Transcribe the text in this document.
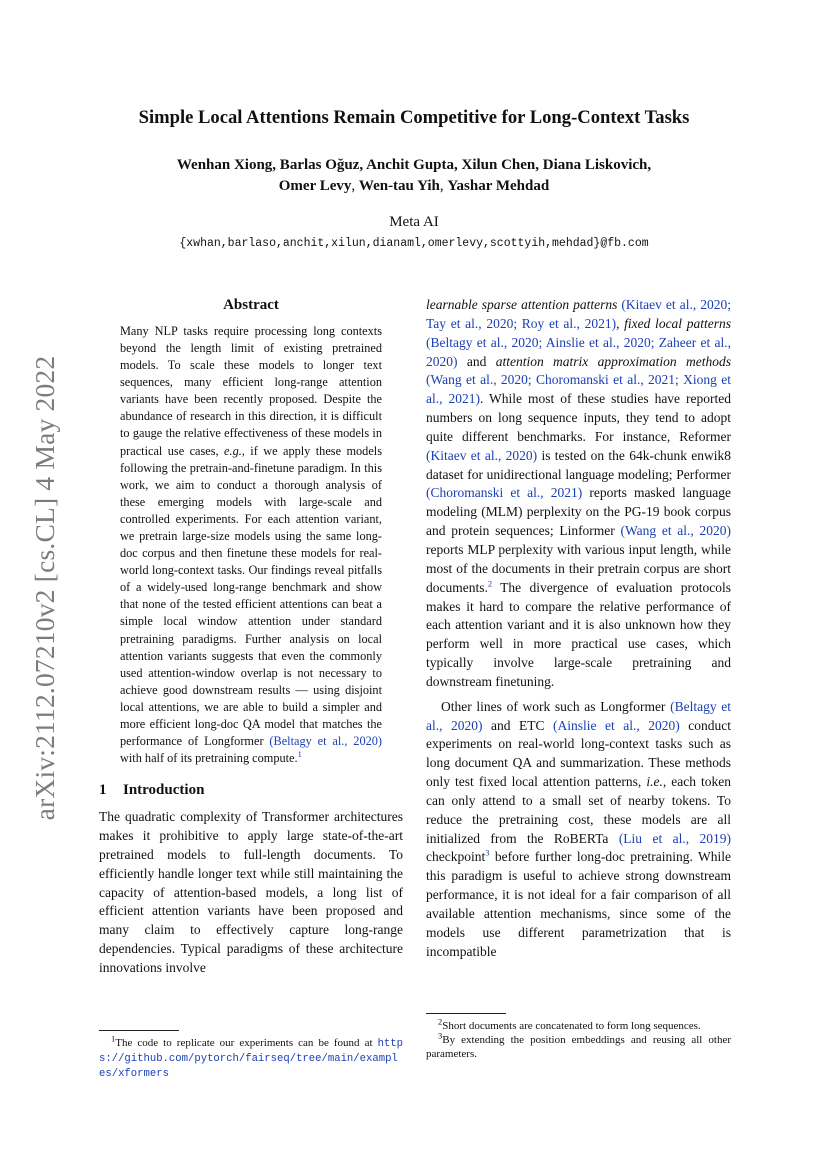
arXiv:2112.07210v2 [cs.CL] 4 May 2022
Simple Local Attentions Remain Competitive for Long-Context Tasks
Wenhan Xiong, Barlas Oğuz, Anchit Gupta, Xilun Chen, Diana Liskovich,
Omer Levy, Wen-tau Yih, Yashar Mehdad
Meta AI
{xwhan,barlaso,anchit,xilun,dianaml,omerlevy,scottyih,mehdad}@fb.com
Abstract
Many NLP tasks require processing long contexts beyond the length limit of existing pretrained models. To scale these models to longer text sequences, many efficient long-range attention variants have been recently proposed. Despite the abundance of research in this direction, it is difficult to gauge the relative effectiveness of these models in practical use cases, e.g., if we apply these models following the pretrain-and-finetune paradigm. In this work, we aim to conduct a thorough analysis of these emerging models with large-scale and controlled experiments. For each attention variant, we pretrain large-size models using the same long-doc corpus and then finetune these models for real-world long-context tasks. Our findings reveal pitfalls of a widely-used long-range benchmark and show that none of the tested efficient attentions can beat a simple local window attention under standard pretraining paradigms. Further analysis on local attention variants suggests that even the commonly used attention-window overlap is not necessary to achieve good downstream results — using disjoint local attentions, we are able to build a simpler and more efficient long-doc QA model that matches the performance of Longformer (Beltagy et al., 2020) with half of its pretraining compute.$^1$
1 Introduction

The quadratic complexity of Transformer architectures makes it prohibitive to apply large state-of-the-art pretrained models to full-length documents. To efficiently handle longer text while still maintaining the capacity of attention-based models, a long list of efficient attention variants have been proposed and many claim to effectively capture long-range dependencies. Typical paradigms of these architecture innovations involve

learnable sparse attention patterns (Kitaev et al., 2020; Tay et al., 2020; Roy et al., 2021), fixed local patterns (Beltagy et al., 2020; Ainslie et al., 2020; Zaheer et al., 2020) and attention matrix approximation methods (Wang et al., 2020; Choromanski et al., 2021; Xiong et al., 2021). While most of these studies have reported numbers on long sequence inputs, they tend to adopt quite different benchmarks. For instance, Reformer (Kitaev et al., 2020) is tested on the 64k-chunk enwik8 dataset for unidirectional language modeling; Performer (Choromanski et al., 2021) reports masked language modeling (MLM) perplexity on the PG-19 book corpus and protein sequences; Linformer (Wang et al., 2020) reports MLP perplexity with various input length, while most of the documents in their pretrain corpus are short documents.$^2$ The divergence of evaluation protocols makes it hard to compare the relative performance of each attention variant and it is also unknown how they perform well in more practical use cases, which typically involve large-scale pretraining and downstream finetuning.

Other lines of work such as Longformer (Beltagy et al., 2020) and ETC (Ainslie et al., 2020) conduct experiments on real-world long-context tasks such as long document QA and summarization. These methods only test fixed local attention patterns, i.e., each token can only attend to a small set of nearby tokens. To reduce the pretraining cost, these models are all initialized from the RoBERTa (Liu et al., 2019) checkpoint$^3$ before further long-doc pretraining. While this paradigm is useful to achieve strong downstream performance, it is not ideal for a fair comparison of all available attention mechanisms, since some of the models use different parametrization that is incompatible

$^1$The code to replicate our experiments can be found at https://github.com/pytorch/fairseq/tree/main/examples/xformers
$^2$Short documents are concatenated to form long sequences.
$^3$By extending the position embeddings and reusing all other parameters.
